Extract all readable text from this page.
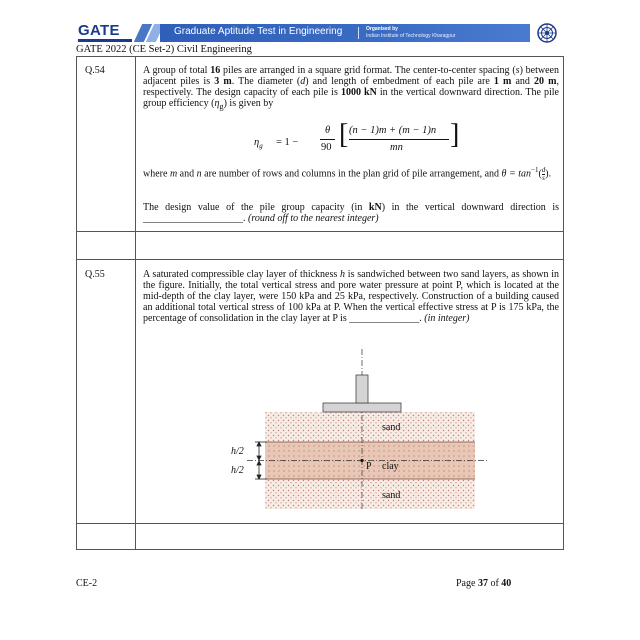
GATE	Graduate Aptitude Test in Engineering	Organised by
Indian Institute of Technology Kharagpur
GATE 2022 (CE Set-2) Civil Engineering
Q.54	A group of total 16 piles are arranged in a square grid format. The center-to-center spacing (s) between adjacent piles is 3 m. The diameter (d) and length of embedment of each pile are 1 m and 20 m, respectively. The design capacity of each pile is 1000 kN in the vertical downward direction. The pile group efficiency $(\eta_g)$ is given by

$\eta_g = 1$ −
θ
90 [ (n − 1)m + (m − 1)n
mn ]

where m and n are number of rows and columns in the plan grid of pile arrangement, and $\theta = \tan^{-1}( \frac{d}{s}$ ).

The design value of the pile group capacity (in kN) in the vertical downward direction is ____________________. (round off to the nearest integer)

Q.55	A saturated compressible clay layer of thickness h is sandwiched between two sand layers, as shown in the figure. Initially, the total vertical stress and pore water pressure at point P, which is located at the mid-depth of the clay layer, were 150 kPa and 25 kPa, respectively. Construction of a building caused an additional total vertical stress of 100 kPa at P. When the vertical effective stress at P is 175 kPa, the percentage of consolidation in the clay layer at P is ______________. (in integer)

sand
P clay
sand
h/2
h/2
CE-2	Page 37 of 40
